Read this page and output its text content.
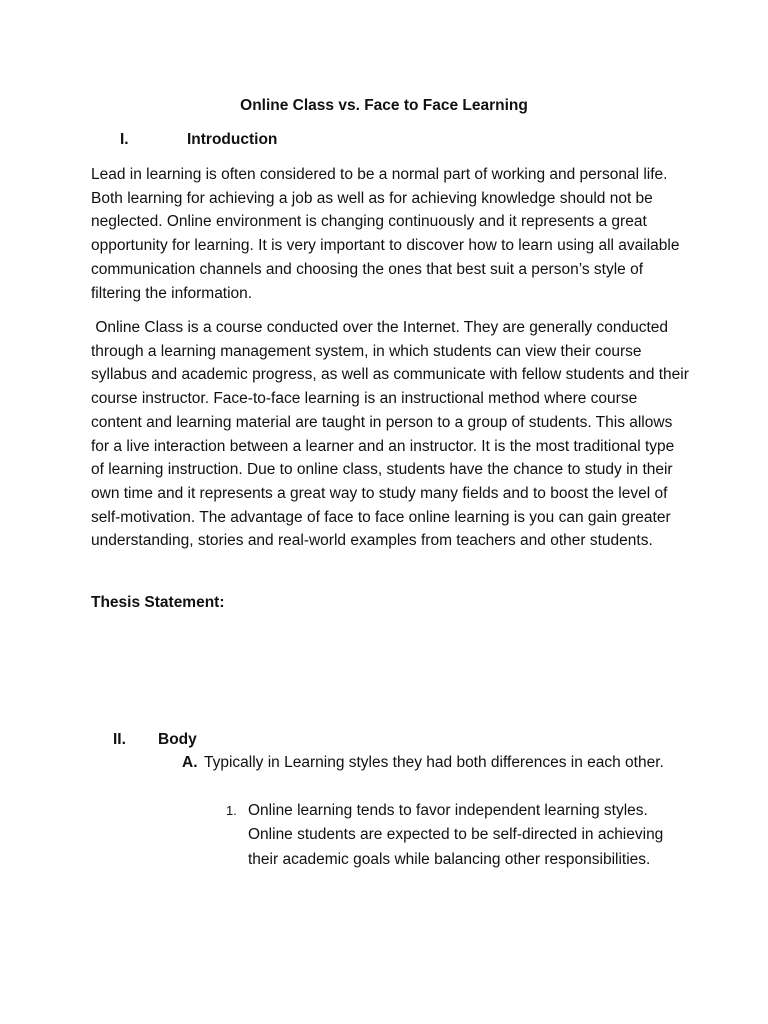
Online Class vs. Face to Face Learning
I.	Introduction

Lead in learning is often considered to be a normal part of working and personal life. Both learning for achieving a job as well as for achieving knowledge should not be neglected. Online environment is changing continuously and it represents a great opportunity for learning. It is very important to discover how to learn using all available communication channels and choosing the ones that best suit a person’s style of filtering the information.

Online Class is a course conducted over the Internet. They are generally conducted through a learning management system, in which students can view their course syllabus and academic progress, as well as communicate with fellow students and their course instructor. Face-to-face learning is an instructional method where course content and learning material are taught in person to a group of students. This allows for a live interaction between a learner and an instructor. It is the most traditional type of learning instruction. Due to online class, students have the chance to study in their own time and it represents a great way to study many fields and to boost the level of self-motivation. The advantage of face to face online learning is you can gain greater understanding, stories and real-world examples from teachers and other students.

Thesis Statement:
II. Body
A. Typically in Learning styles they had both differences in each other.
1. Online learning tends to favor independent learning styles. Online students are expected to be self-directed in achieving their academic goals while balancing other responsibilities.
